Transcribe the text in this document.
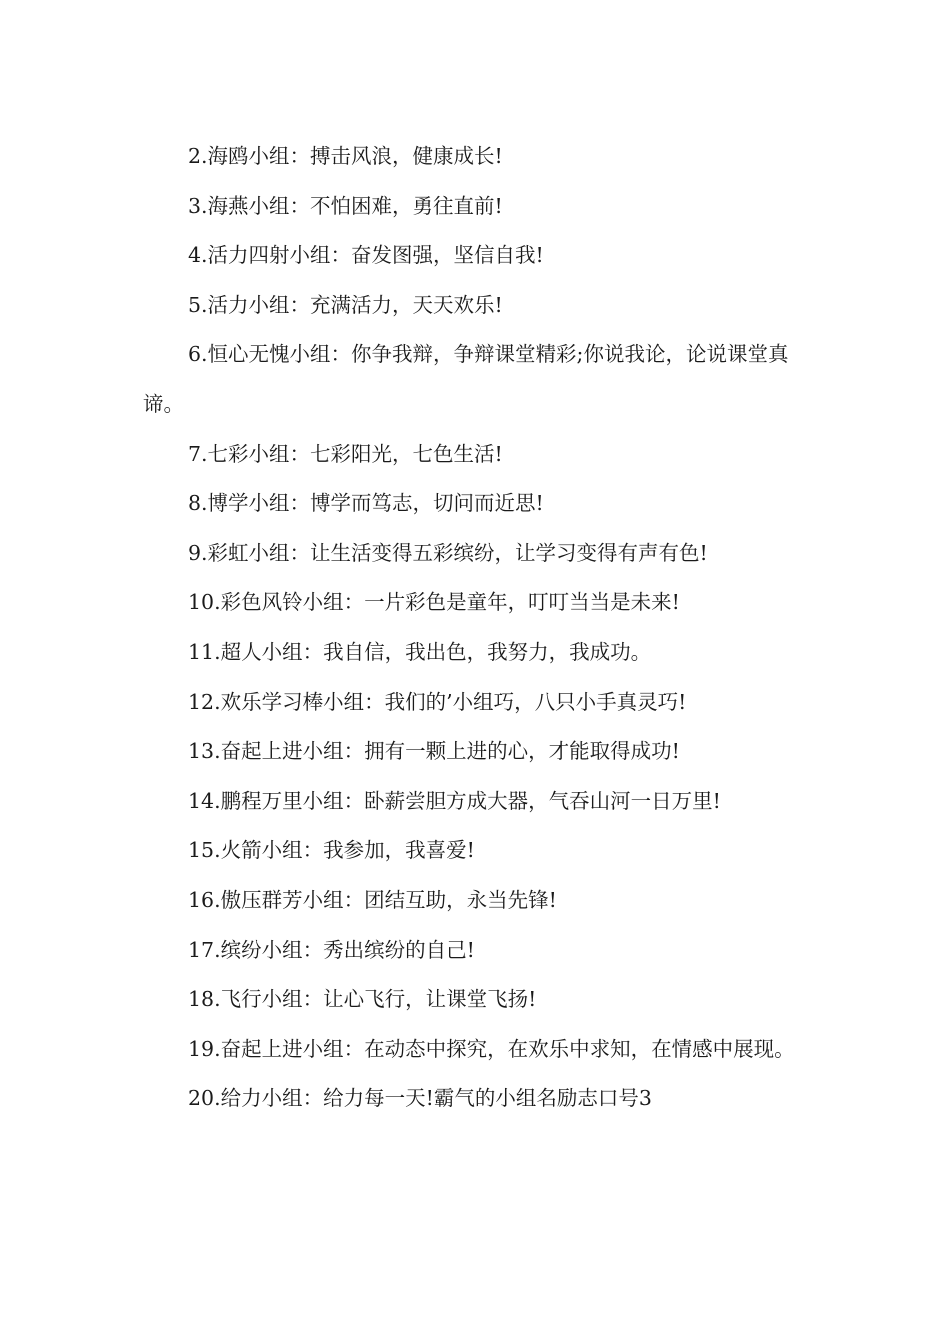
2.海鸥小组：搏击风浪，健康成长!

3.海燕小组：不怕困难，勇往直前!

4.活力四射小组：奋发图强，坚信自我!

5.活力小组：充满活力，天天欢乐!

6.恒心无愧小组：你争我辩，争辩课堂精彩;你说我论，论说课堂真谛。

7.七彩小组：七彩阳光，七色生活!

8.博学小组：博学而笃志，切问而近思!

9.彩虹小组：让生活变得五彩缤纷，让学习变得有声有色!

10.彩色风铃小组：一片彩色是童年，叮叮当当是未来!

11.超人小组：我自信，我出色，我努力，我成功。

12.欢乐学习棒小组：我们的’小组巧，八只小手真灵巧!

13.奋起上进小组：拥有一颗上进的心，才能取得成功!

14.鹏程万里小组：卧薪尝胆方成大器，气吞山河一日万里!

15.火箭小组：我参加，我喜爱!

16.傲压群芳小组：团结互助，永当先锋!

17.缤纷小组：秀出缤纷的自己!

18.飞行小组：让心飞行，让课堂飞扬!

19.奋起上进小组：在动态中探究，在欢乐中求知，在情感中展现。

20.给力小组：给力每一天!霸气的小组名励志口号3
